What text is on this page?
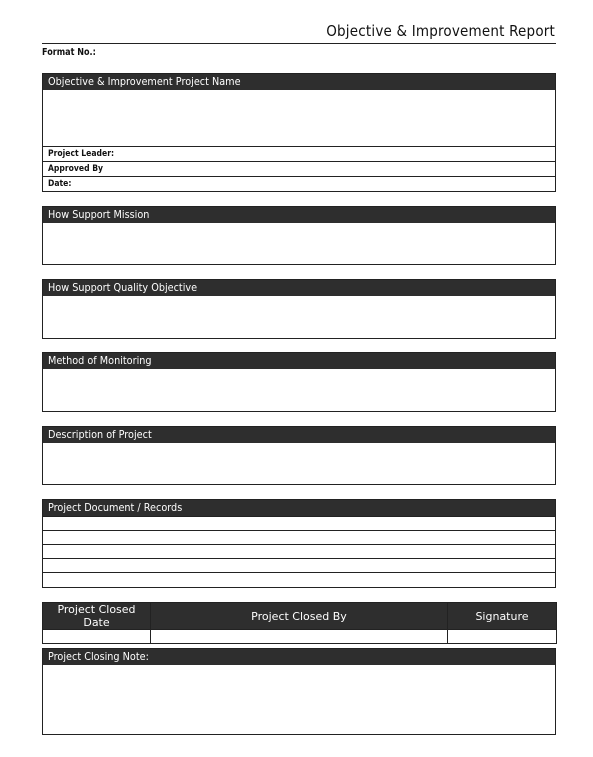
Objective & Improvement Report
Format No.:
Objective & Improvement Project Name
Project Leader:
Approved By
Date:
How Support Mission
How Support Quality Objective
Method of Monitoring
Description of Project
Project Document / Records
Project Closed Date	Project Closed By	Signature

Project Closing Note:
